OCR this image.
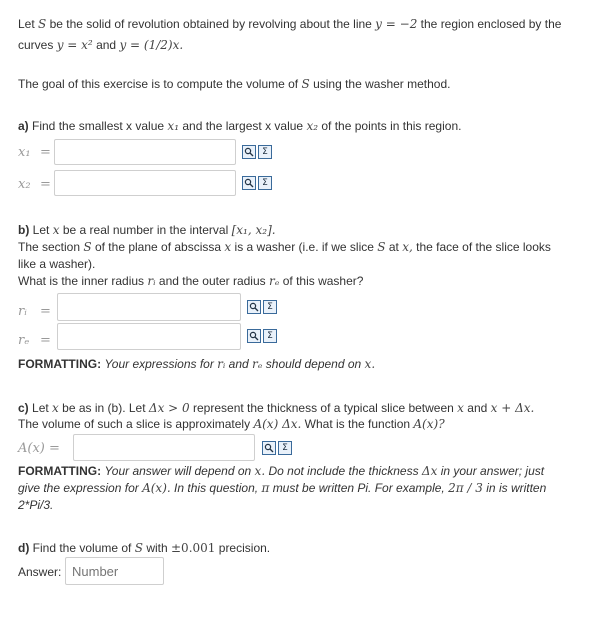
Let S be the solid of revolution obtained by revolving about the line y = −2 the region enclosed by the
curves y = x² and y = (1/2)x.
The goal of this exercise is to compute the volume of S using the washer method.
a) Find the smallest x value x₁ and the largest x value x₂ of the points in this region.
x₁ =	Σ
x₂ =	Σ
b) Let x be a real number in the interval [x₁, x₂].
The section S of the plane of abscissa x is a washer (i.e. if we slice S at x, the face of the slice looks
like a washer).
What is the inner radius rᵢ and the outer radius rₑ of this washer?
rᵢ =	Σ
rₑ =	Σ
FORMATTING: Your expressions for rᵢ and rₑ should depend on x.
c) Let x be as in (b). Let Δx > 0 represent the thickness of a typical slice between x and x + Δx.
The volume of such a slice is approximately A(x) Δx. What is the function A(x)?
A(x) =	Σ
FORMATTING: Your answer will depend on x. Do not include the thickness Δx in your answer; just
give the expression for A(x). In this question, π must be written Pi. For example, 2π / 3 in is written
2*Pi/3.
d) Find the volume of S with ±0.001 precision.
Answer:
Number
